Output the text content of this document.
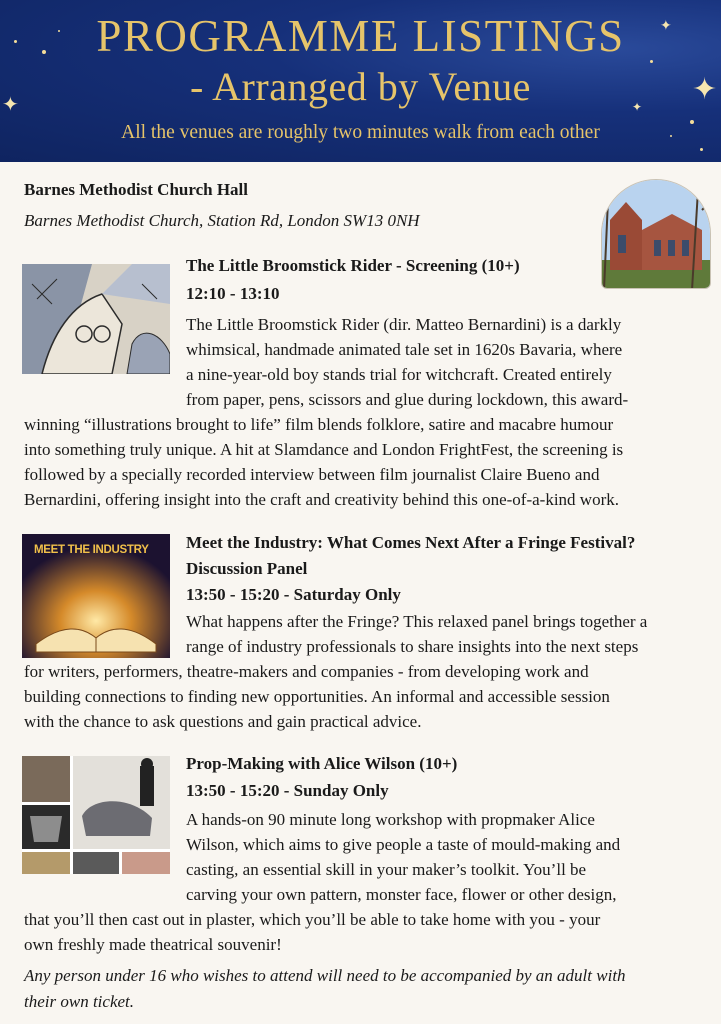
✦
✦
✦
✦
PROGRAMME LISTINGS
- Arranged by Venue
All the venues are roughly two minutes walk from each other
Barnes Methodist Church Hall
Barnes Methodist Church, Station Rd, London SW13 0NH
The Little Broomstick Rider - Screening (10+)
12:10 - 13:10
The Little Broomstick Rider (dir. Matteo Bernardini) is a darkly
whimsical, handmade animated tale set in 1620s Bavaria, where
a nine-year-old boy stands trial for witchcraft. Created entirely
from paper, pens, scissors and glue during lockdown, this award-
winning “illustrations brought to life” film blends folklore, satire and macabre humour
into something truly unique. A hit at Slamdance and London FrightFest, the screening is
followed by a specially recorded interview between film journalist Claire Bueno and
Bernardini, offering insight into the craft and creativity behind this one-of-a-kind work.
MEET THE INDUSTRY Meet the Industry: What Comes Next After a Fringe Festival?
Discussion Panel
13:50 - 15:20 - Saturday Only
What happens after the Fringe? This relaxed panel brings together a
range of industry professionals to share insights into the next steps
for writers, performers, theatre-makers and companies - from developing work and
building connections to finding new opportunities. An informal and accessible session
with the chance to ask questions and gain practical advice.
Prop-Making with Alice Wilson (10+)
13:50 - 15:20 - Sunday Only
A hands-on 90 minute long workshop with propmaker Alice
Wilson, which aims to give people a taste of mould-making and
casting, an essential skill in your maker’s toolkit. You’ll be
carving your own pattern, monster face, flower or other design,
that you’ll then cast out in plaster, which you’ll be able to take home with you - your
own freshly made theatrical souvenir!
Any person under 16 who wishes to attend will need to be accompanied by an adult with
their own ticket.
